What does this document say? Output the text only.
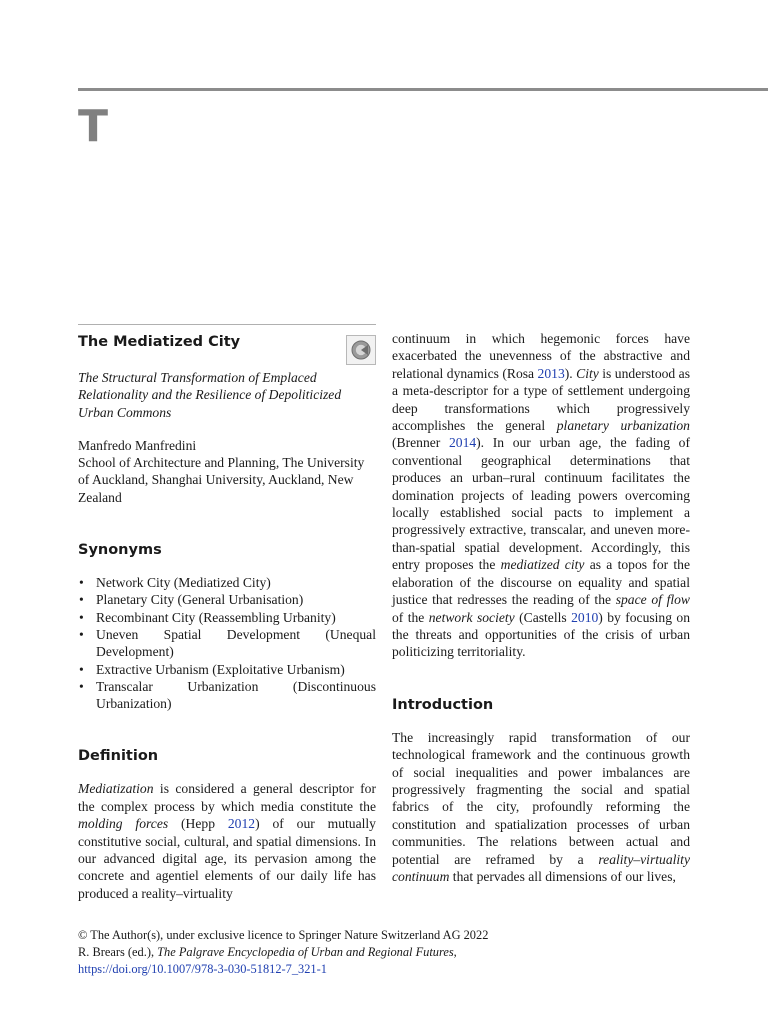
T
The Mediatized City

The Structural Transformation of Emplaced Relationality and the Resilience of Depoliticized Urban Commons

Manfredo Manfredini

School of Architecture and Planning, The University of Auckland, Shanghai University, Auckland, New Zealand

Synonyms
• Network City (Mediatized City)
• Planetary City (General Urbanisation)
• Recombinant City (Reassembling Urbanity)
• Uneven Spatial Development (Unequal Development)
• Extractive Urbanism (Exploitative Urbanism)
• Transcalar Urbanization (Discontinuous Urbanization)
Definition

Mediatization is considered a general descriptor for the complex process by which media constitute the molding forces (Hepp 2012) of our mutually constitutive social, cultural, and spatial dimensions. In our advanced digital age, its pervasion among the concrete and agentiel elements of our daily life has produced a reality–virtuality

continuum in which hegemonic forces have exacerbated the unevenness of the abstractive and relational dynamics (Rosa 2013). City is understood as a meta-descriptor for a type of settlement undergoing deep transformations which progressively accomplishes the general planetary urbanization (Brenner 2014). In our urban age, the fading of conventional geographical determinations that produces an urban–rural continuum facilitates the domination projects of leading powers overcoming locally established social pacts to implement a progressively extractive, transcalar, and uneven more-than-spatial spatial development. Accordingly, this entry proposes the mediatized city as a topos for the elaboration of the discourse on equality and spatial justice that redresses the reading of the space of flow of the network society (Castells 2010) by focusing on the threats and opportunities of the crisis of urban politicizing territoriality.

Introduction

The increasingly rapid transformation of our technological framework and the continuous growth of social inequalities and power imbalances are progressively fragmenting the social and spatial fabrics of the city, profoundly reforming the constitution and spatialization processes of urban communities. The relations between actual and potential are reframed by a reality–virtuality continuum that pervades all dimensions of our lives,

© The Author(s), under exclusive licence to Springer Nature Switzerland AG 2022
R. Brears (ed.), The Palgrave Encyclopedia of Urban and Regional Futures,
https://doi.org/10.1007/978-3-030-51812-7_321-1
